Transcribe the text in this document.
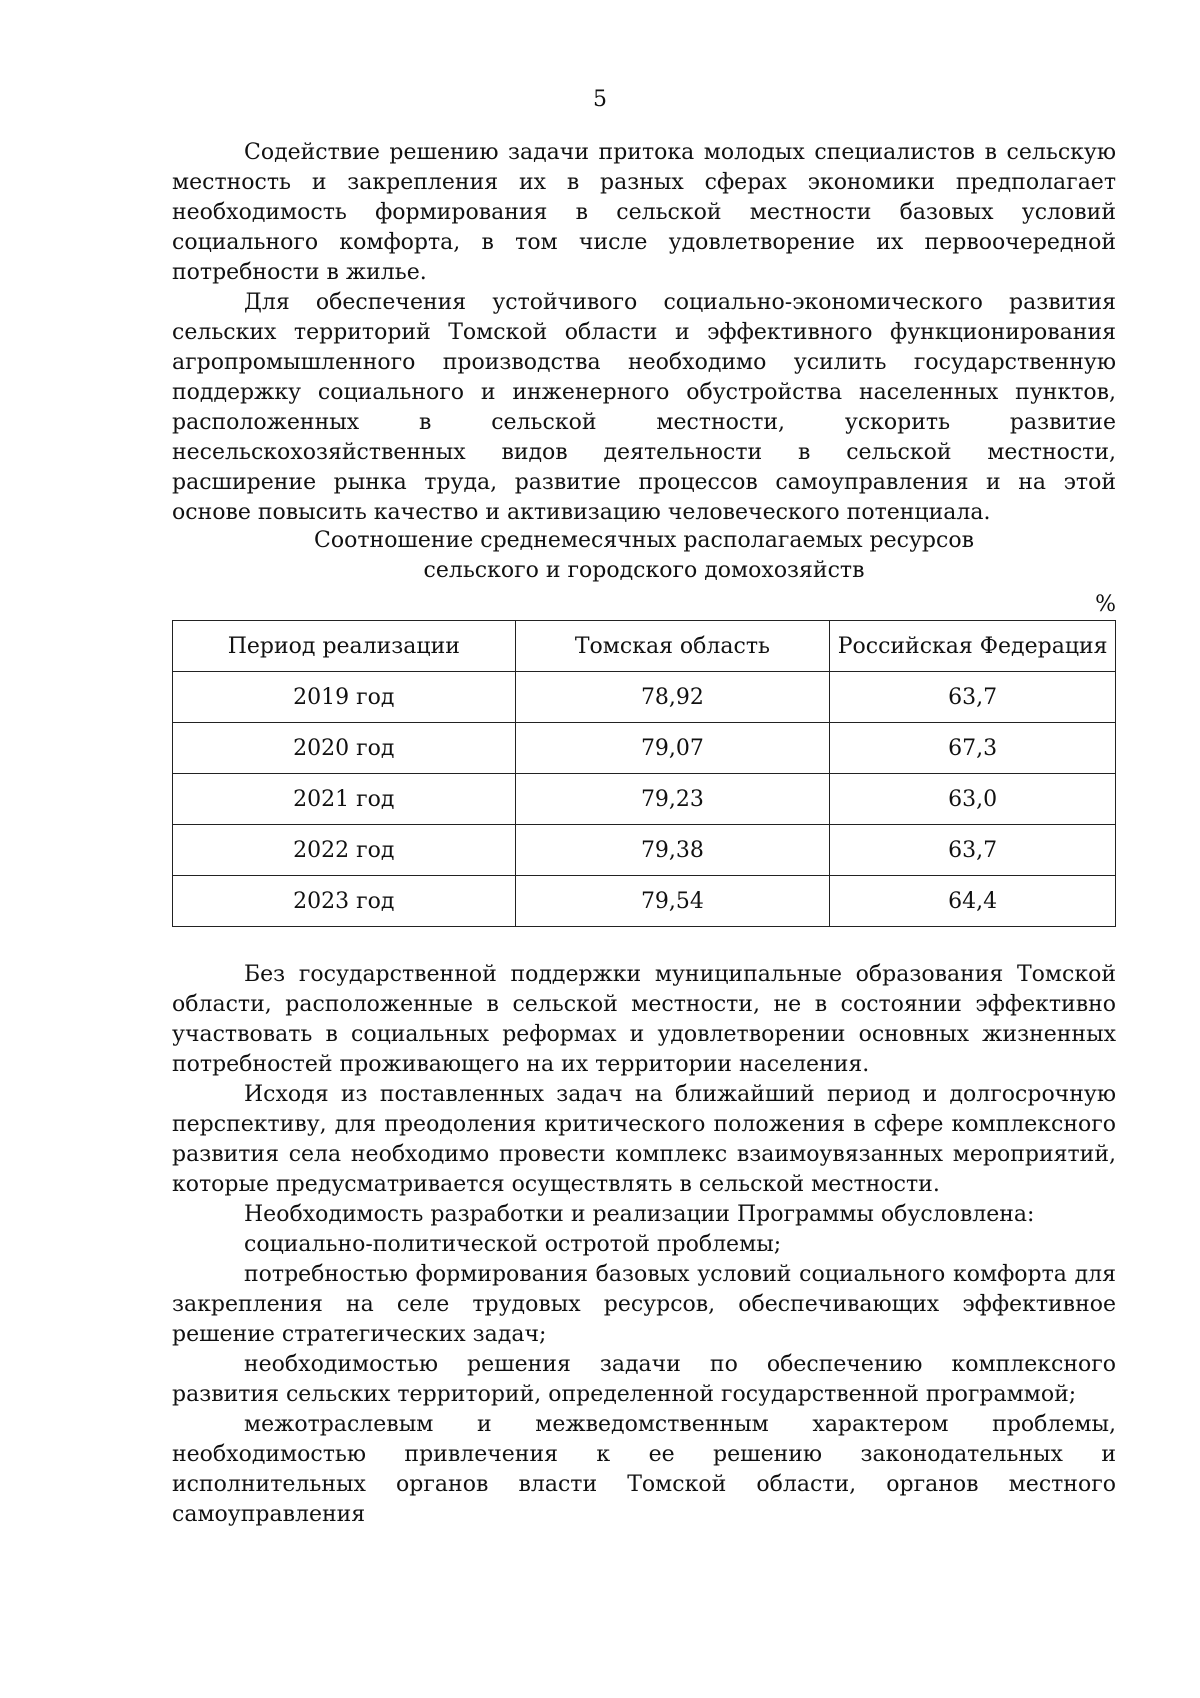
5

Содействие решению задачи притока молодых специалистов в сельскую местность и закрепления их в разных сферах экономики предполагает необходимость формирования в сельской местности базовых условий социального комфорта, в том числе удовлетворение их первоочередной потребности в жилье.

Для обеспечения устойчивого социально-экономического развития сельских территорий Томской области и эффективного функционирования агропромышленного производства необходимо усилить государственную поддержку социального и инженерного обустройства населенных пунктов, расположенных в сельской местности, ускорить развитие несельскохозяйственных видов деятельности в сельской местности, расширение рынка труда, развитие процессов самоуправления и на этой основе повысить качество и активизацию человеческого потенциала.

Соотношение среднемесячных располагаемых ресурсов
сельского и городского домохозяйств
%
Период реализации	Томская область	Российская Федерация
2019 год	78,92	63,7
2020 год	79,07	67,3
2021 год	79,23	63,0
2022 год	79,38	63,7
2023 год	79,54	64,4

Без государственной поддержки муниципальные образования Томской области, расположенные в сельской местности, не в состоянии эффективно участвовать в социальных реформах и удовлетворении основных жизненных потребностей проживающего на их территории населения.

Исходя из поставленных задач на ближайший период и долгосрочную перспективу, для преодоления критического положения в сфере комплексного развития села необходимо провести комплекс взаимоувязанных мероприятий, которые предусматривается осуществлять в сельской местности.

Необходимость разработки и реализации Программы обусловлена:

социально-политической остротой проблемы;

потребностью формирования базовых условий социального комфорта для закрепления на селе трудовых ресурсов, обеспечивающих эффективное решение стратегических задач;

необходимостью решения задачи по обеспечению комплексного развития сельских территорий, определенной государственной программой;

межотраслевым и межведомственным характером проблемы, необходимостью привлечения к ее решению законодательных и исполнительных органов власти Томской области, органов местного самоуправления
